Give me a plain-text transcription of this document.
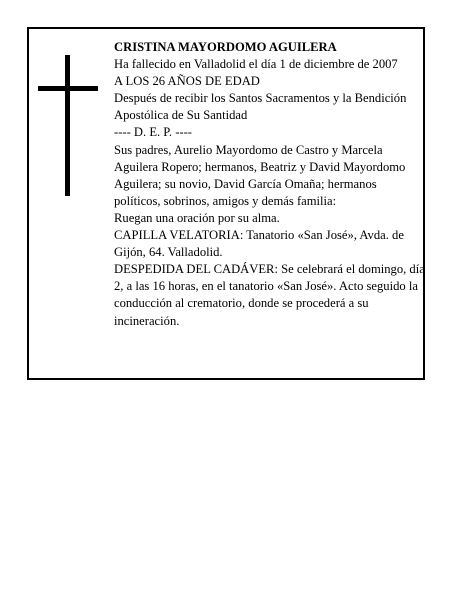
CRISTINA MAYORDOMO AGUILERA
Ha fallecido en Valladolid el día 1 de diciembre de 2007
A LOS 26 AÑOS DE EDAD
Después de recibir los Santos Sacramentos y la Bendición Apostólica de Su Santidad
---- D. E. P. ----
Sus padres, Aurelio Mayordomo de Castro y Marcela Aguilera Ropero; hermanos, Beatriz y David Mayordomo Aguilera; su novio, David García Omaña; hermanos políticos, sobrinos, amigos y demás familia:
Ruegan una oración por su alma.
CAPILLA VELATORIA: Tanatorio «San José», Avda. de Gijón, 64. Valladolid.
DESPEDIDA DEL CADÁVER: Se celebrará el domingo, día 2, a las 16 horas, en el tanatorio «San José». Acto seguido la conducción al crematorio, donde se procederá a su incineración.
